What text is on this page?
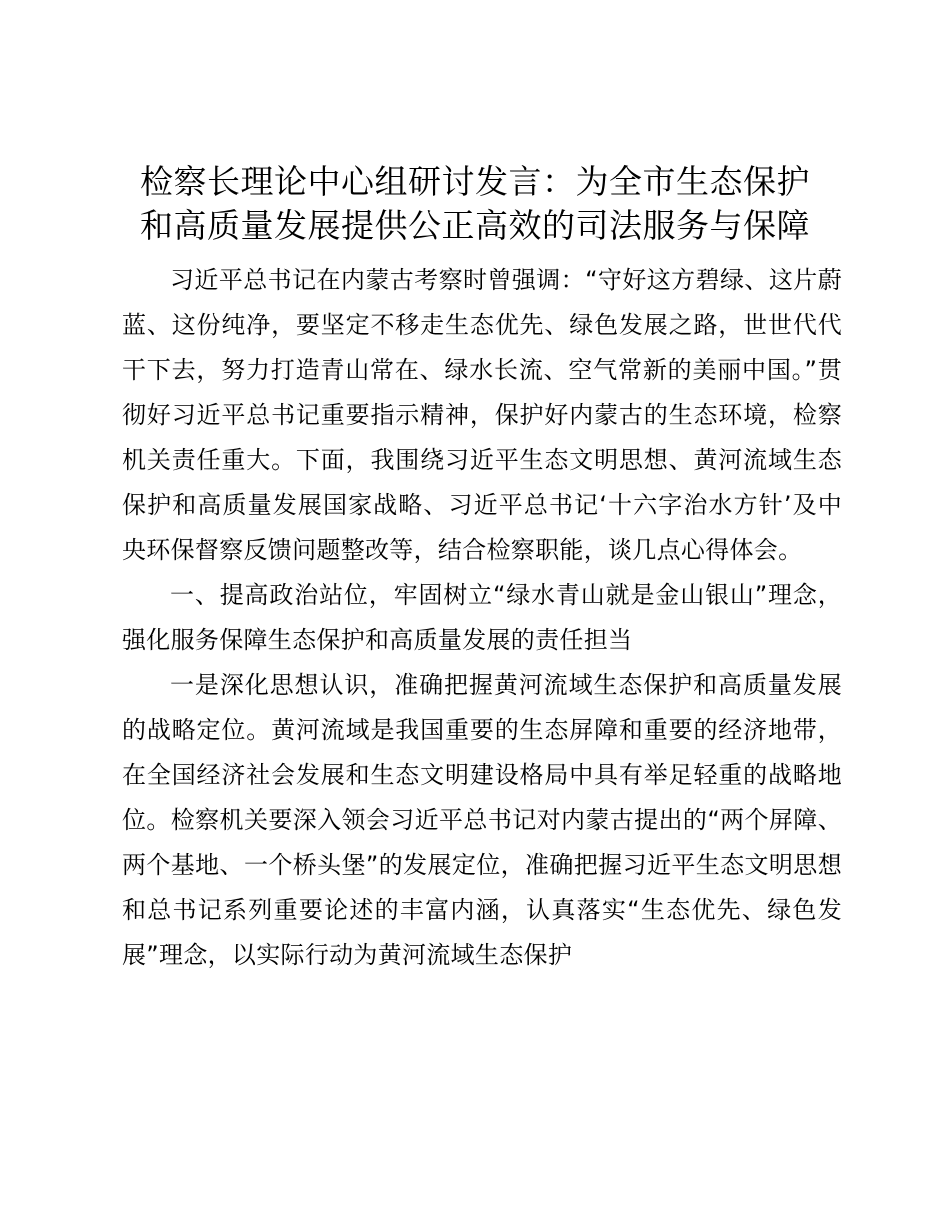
检察长理论中心组研讨发言：为全市生态保护
和高质量发展提供公正高效的司法服务与保障

习近平总书记在内蒙古考察时曾强调：“守好这方碧绿、这片蔚蓝、这份纯净，要坚定不移走生态优先、绿色发展之路，世世代代干下去，努力打造青山常在、绿水长流、空气常新的美丽中国。”贯彻好习近平总书记重要指示精神，保护好内蒙古的生态环境，检察机关责任重大。下面，我围绕习近平生态文明思想、黄河流域生态保护和高质量发展国家战略、习近平总书记‘十六字治水方针’及中央环保督察反馈问题整改等，结合检察职能，谈几点心得体会。

一、提高政治站位，牢固树立“绿水青山就是金山银山”理念，强化服务保障生态保护和高质量发展的责任担当

一是深化思想认识，准确把握黄河流域生态保护和高质量发展的战略定位。黄河流域是我国重要的生态屏障和重要的经济地带，在全国经济社会发展和生态文明建设格局中具有举足轻重的战略地位。检察机关要深入领会习近平总书记对内蒙古提出的“两个屏障、两个基地、一个桥头堡”的发展定位，准确把握习近平生态文明思想和总书记系列重要论述的丰富内涵，认真落实“生态优先、绿色发展”理念，以实际行动为黄河流域生态保护
